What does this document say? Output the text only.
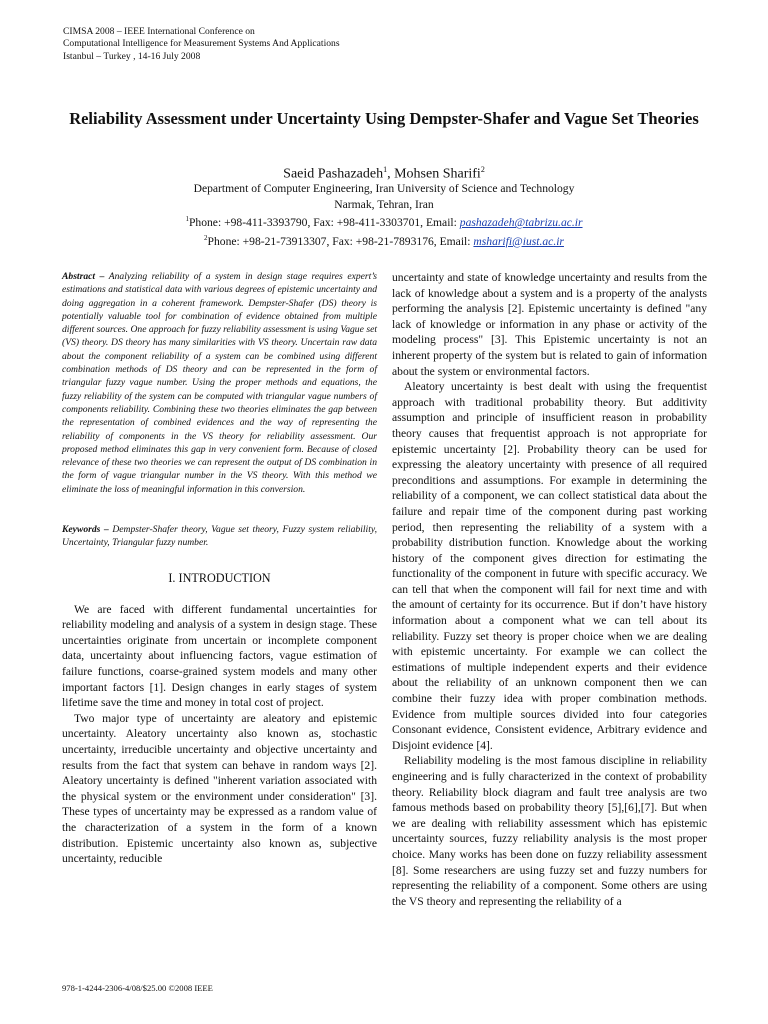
CIMSA 2008 – IEEE International Conference on
Computational Intelligence for Measurement Systems And Applications
Istanbul – Turkey , 14-16 July 2008
Reliability Assessment under Uncertainty Using Dempster-Shafer and Vague Set Theories
Saeid Pashazadeh$^1$, Mohsen Sharifi$^2$
Department of Computer Engineering, Iran University of Science and Technology
Narmak, Tehran, Iran
$^1$Phone: +98-411-3393790, Fax: +98-411-3303701, Email: pashazadeh@tabrizu.ac.ir
$^2$Phone: +98-21-73913307, Fax: +98-21-7893176, Email: msharifi@iust.ac.ir
Abstract – Analyzing reliability of a system in design stage requires expert’s estimations and statistical data with various degrees of epistemic uncertainty and doing aggregation in a coherent framework. Dempster-Shafer (DS) theory is potentially valuable tool for combination of evidence obtained from multiple different sources. One approach for fuzzy reliability assessment is using Vague set (VS) theory. DS theory has many similarities with VS theory. Uncertain raw data about the component reliability of a system can be combined using different combination methods of DS theory and can be represented in the form of triangular fuzzy vague number. Using the proper methods and equations, the fuzzy reliability of the system can be computed with triangular vague numbers of components reliability. Combining these two theories eliminates the gap between the representation of combined evidences and the way of representing the reliability of components in the VS theory for reliability assessment. Our proposed method eliminates this gap in very convenient form. Because of closed relevance of these two theories we can represent the output of DS combination in the form of vague triangular number in the VS theory. With this method we eliminate the loss of meaningful information in this conversion.
Keywords – Dempster-Shafer theory, Vague set theory, Fuzzy system reliability, Uncertainty, Triangular fuzzy number.
I. INTRODUCTION

We are faced with different fundamental uncertainties for reliability modeling and analysis of a system in design stage. These uncertainties originate from uncertain or incomplete component data, uncertainty about influencing factors, vague estimation of failure functions, coarse-grained system models and many other important factors [1]. Design changes in early stages of system lifetime save the time and money in total cost of project.

Two major type of uncertainty are aleatory and epistemic uncertainty. Aleatory uncertainty also known as, stochastic uncertainty, irreducible uncertainty and objective uncertainty and results from the fact that system can behave in random ways [2]. Aleatory uncertainty is defined "inherent variation associated with the physical system or the environment under consideration" [3]. These types of uncertainty may be expressed as a random value of the characterization of a system in the form of a known distribution. Epistemic uncertainty also known as, subjective uncertainty, reducible

uncertainty and state of knowledge uncertainty and results from the lack of knowledge about a system and is a property of the analysts performing the analysis [2]. Epistemic uncertainty is defined "any lack of knowledge or information in any phase or activity of the modeling process" [3]. This Epistemic uncertainty is not an inherent property of the system but is related to gain of information about the system or environmental factors.

Aleatory uncertainty is best dealt with using the frequentist approach with traditional probability theory. But additivity assumption and principle of insufficient reason in probability theory causes that frequentist approach is not appropriate for epistemic uncertainty [2]. Probability theory can be used for expressing the aleatory uncertainty with presence of all required preconditions and assumptions. For example in determining the reliability of a component, we can collect statistical data about the failure and repair time of the component during past working period, then representing the reliability of a system with a probability distribution function. Knowledge about the working history of the component gives direction for estimating the functionality of the component in future with specific accuracy. We can tell that when the component will fail for next time and with the amount of certainty for its occurrence. But if don’t have history information about a component what we can tell about its reliability. Fuzzy set theory is proper choice when we are dealing with epistemic uncertainty. For example we can collect the estimations of multiple independent experts and their evidence about the reliability of an unknown component then we can combine their fuzzy idea with proper combination methods. Evidence from multiple sources divided into four categories Consonant evidence, Consistent evidence, Arbitrary evidence and Disjoint evidence [4].

Reliability modeling is the most famous discipline in reliability engineering and is fully characterized in the context of probability theory. Reliability block diagram and fault tree analysis are two famous methods based on probability theory [5],[6],[7]. But when we are dealing with reliability assessment which has epistemic uncertainty sources, fuzzy reliability analysis is the most proper choice. Many works has been done on fuzzy reliability assessment [8]. Some researchers are using fuzzy set and fuzzy numbers for representing the reliability of a component. Some others are using the VS theory and representing the reliability of a

978-1-4244-2306-4/08/$25.00 ©2008 IEEE
